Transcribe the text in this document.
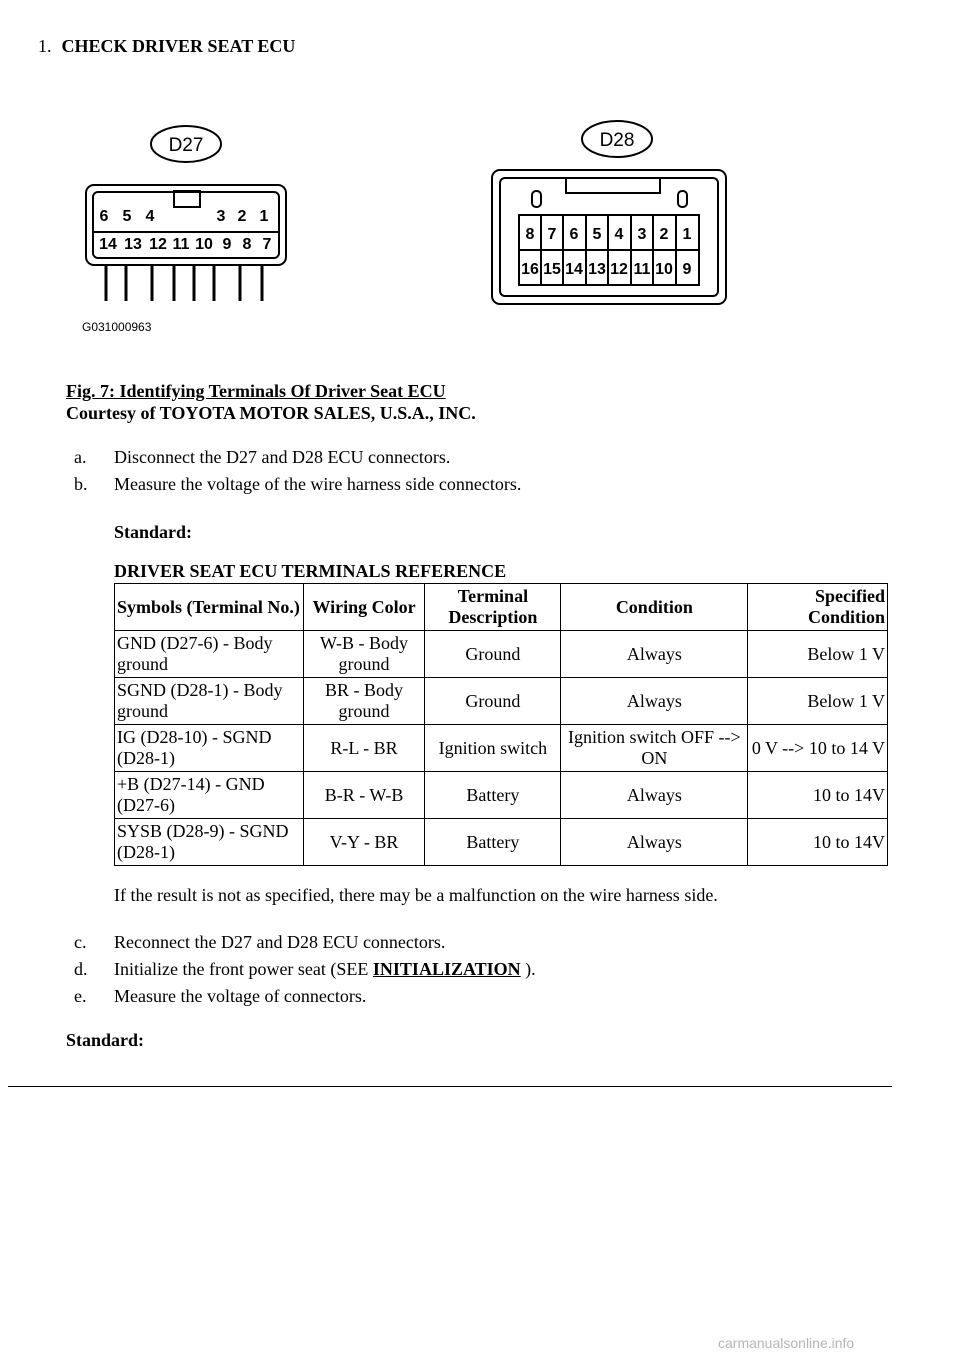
1. CHECK DRIVER SEAT ECU
D27	D28
6 5 4	3 2 1
14 13 12 11 10 9 8 7
8 7 6 5 4 3 2 1
16 15 14 13 12 11 10 9
G031000963
Fig. 7: Identifying Terminals Of Driver Seat ECU
Courtesy of TOYOTA MOTOR SALES, U.S.A., INC.
a. Disconnect the D27 and D28 ECU connectors.
b. Measure the voltage of the wire harness side connectors.
Standard:
DRIVER SEAT ECU TERMINALS REFERENCE
Symbols (Terminal No.)	Wiring Color	Terminal Description	Condition	Specified Condition
GND (D27-6) - Body ground	W-B - Body ground	Ground	Always	Below 1 V
SGND (D28-1) - Body ground	BR - Body ground	Ground	Always	Below 1 V
IG (D28-10) - SGND (D28-1)	R-L - BR	Ignition switch	Ignition switch OFF --> ON	0 V --> 10 to 14 V
+B (D27-14) - GND (D27-6)	B-R - W-B	Battery	Always	10 to 14V
SYSB (D28-9) - SGND (D28-1)	V-Y - BR	Battery	Always	10 to 14V
If the result is not as specified, there may be a malfunction on the wire harness side.
c. Reconnect the D27 and D28 ECU connectors.
d. Initialize the front power seat (SEE INITIALIZATION ).
e. Measure the voltage of connectors.
Standard:
carmanualsonline.info
